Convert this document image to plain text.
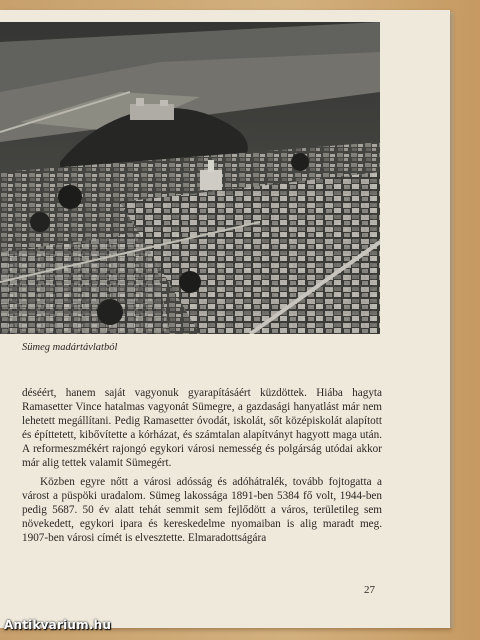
Sümeg madártávlatból

déséért, hanem saját vagyonuk gyarapításáért küzdöttek. Hiába hagyta Ramasetter Vince hatalmas vagyonát Sümegre, a gazdasági hanyatlást már nem lehetett megállítani. Pedig Ramasetter óvodát, iskolát, sőt középiskolát alapított és építtetett, kibővítette a kórházat, és számtalan alapítványt hagyott maga után. A reformeszmékért rajongó egykori városi nemesség és polgárság utódai akkor már alig tettek valamit Sümegért.

Közben egyre nőtt a városi adósság és adóhátralék, tovább fojtogatta a várost a püspöki uradalom. Sümeg lakossága 1891-ben 5384 fő volt, 1944-ben pedig 5687. 50 év alatt tehát semmit sem fejlődött a város, területileg sem növekedett, egykori ipara és kereskedelme nyomaiban is alig maradt meg. 1907-ben városi címét is elvesztette. Elmaradottságára

27
Antikvarium.hu
